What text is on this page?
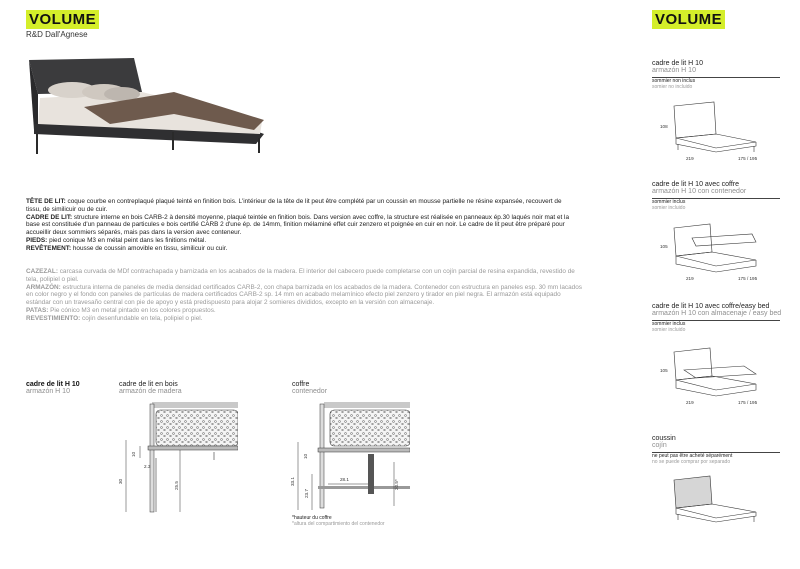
VOLUME
R&D Dall'Agnese
VOLUME
TÊTE DE LIT: coque courbe en contreplaqué plaqué teinté en finition bois. L'intérieur de la tête de lit peut être complété par un coussin en mousse partielle ne résine expansée, recouvert de tissu, de similicuir ou de cuir.
CADRE DE LIT: structure interne en bois CARB-2 à densité moyenne, plaqué teintée en finition bois. Dans version avec coffre, la structure est réalisée en panneaux ép.30 laqués noir mat et la base est constituée d'un panneau de particules e bois certifié CARB 2 d'une ép. de 14mm, finition mélaminé effet cuir zenzero et poignée en cuir en noir. Le cadre de lit peut être préparé pour accueillir deux sommiers séparés, mais pas dans la version avec conteneur.
PIEDS: pied conique M3 en métal peint dans les finitions métal.
REVÊTEMENT: housse de coussin amovible en tissu, similicuir ou cuir.
CAZEZAL: carcasa curvada de MDf contrachapada y barnizada en los acabados de la madera. El interior del cabecero puede completarse con un cojín parcial de resina expandida, revestido de tela, polipiel o piel.
ARMAZÓN: estructura interna de paneles de media densidad certificados CARB-2, con chapa barnizada en los acabados de la madera. Contenedor con estructura en paneles esp. 30 mm lacados en color negro y el fondo con paneles de partículas de madera certificados CARB-2 sp. 14 mm en acabado melamínico efecto piel zenzero y tirador en piel negra. El armazón está equipado estándar con un travesaño central con pie de apoyo y está predispuesto para alojar 2 somieres divididos, excepto en la versión con almacenaje.
PATAS: Pie cónico M3 en metal pintado en los colores propuestos.
REVESTIMIENTO: cojín desenfundable en tela, polipiel o piel.
cadre de lit H 10
armazón H 10
cadre de lit en bois
armazón de madera
coffre
contenedor
30
10
2.3
25.5	33.1
10
23.7
28.1	20.5*
*hauteur du coffre
*altura del compartimiento del contenedor
cadre de lit H 10
armazón H 10
sommier non inclus
somier no incluido
108
219	175 / 195
cadre de lit H 10 avec coffre
armazón H 10 con contenedor
sommier inclus
somier incluido
105
219	175 / 195
cadre de lit H 10 avec coffre/easy bed
armazón H 10 con almacenaje / easy bed
sommier inclus
somier incluido
105
219	175 / 195
coussin
cojín
ne peut pas être acheté séparément
no se puede comprar por separado
